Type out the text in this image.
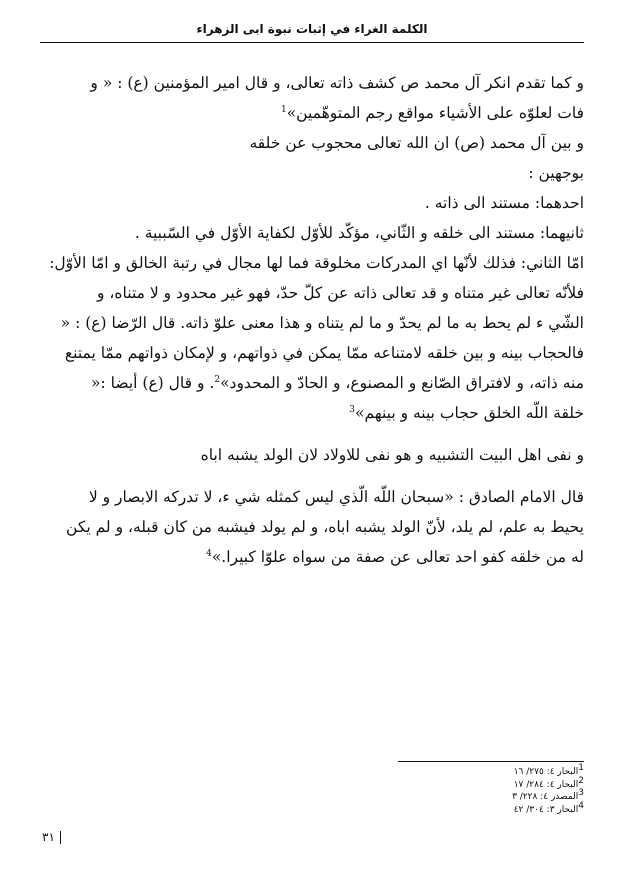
الكلمة الغراء في إثبات نبوة ابى الزهراء

و كما تقدم انكر آل محمد ص كشف ذاته تعالى، و قال امير المؤمنين (ع) : « و

فات لعلوّه على الأشياء مواقع رجم المتوهّمين»$^1$

و بين آل محمد (ص) ان الله تعالى محجوب عن خلقه

بوجهين :

احدهما: مستند الى ذاته .

ثانيهما: مستند الى خلقه و الثّاني، مؤكّد للأوّل لكفاية الأوّل في السّببية .

امّا الثاني: فذلك لأنّها اي المدركات مخلوقة فما لها مجال في رتبة الخالق و امّا الأوّل:

فلأنّه تعالى غير متناه و قد تعالى ذاته عن كلّ حدّ، فهو غير محدود و لا متناه، و

الشّي ء لم يحط به ما لم يحدّ و ما لم يتناه و هذا معنى علوّ ذاته. قال الرّضا (ع) : «

فالحجاب بينه و بين خلقه لامتناعه ممّا يمكن في ذواتهم، و لإمكان ذواتهم ممّا يمتنع

منه ذاته، و لافتراق الصّانع و المصنوع، و الحادّ و المحدود»$^2$. و قال (ع) أيضا :«

خلقة اللّه الخلق حجاب بينه و بينهم»$^3$

و نفى اهل البيت التشبيه و هو نفى للاولاد لان الولد يشبه اباه

قال الامام الصادق : «سبحان اللّه الّذي ليس كمثله شي ء، لا تدركه الابصار و لا

يحيط به علم، لم يلد، لأنّ الولد يشبه اباه، و لم يولد فيشبه من كان قبله، و لم يكن

له من خلقه كفو احد تعالى عن صفة من سواه علوّا كبيرا.»$^4$

$^1$البحار ٤: ٢٧٥/ ١٦
$^2$البحار ٤: ٢٨٤/ ١٧
$^3$المصدر ٤: ٢٢٨/ ٣
$^4$البحار ٣: ٣٠٤/ ٤٢
٣١
